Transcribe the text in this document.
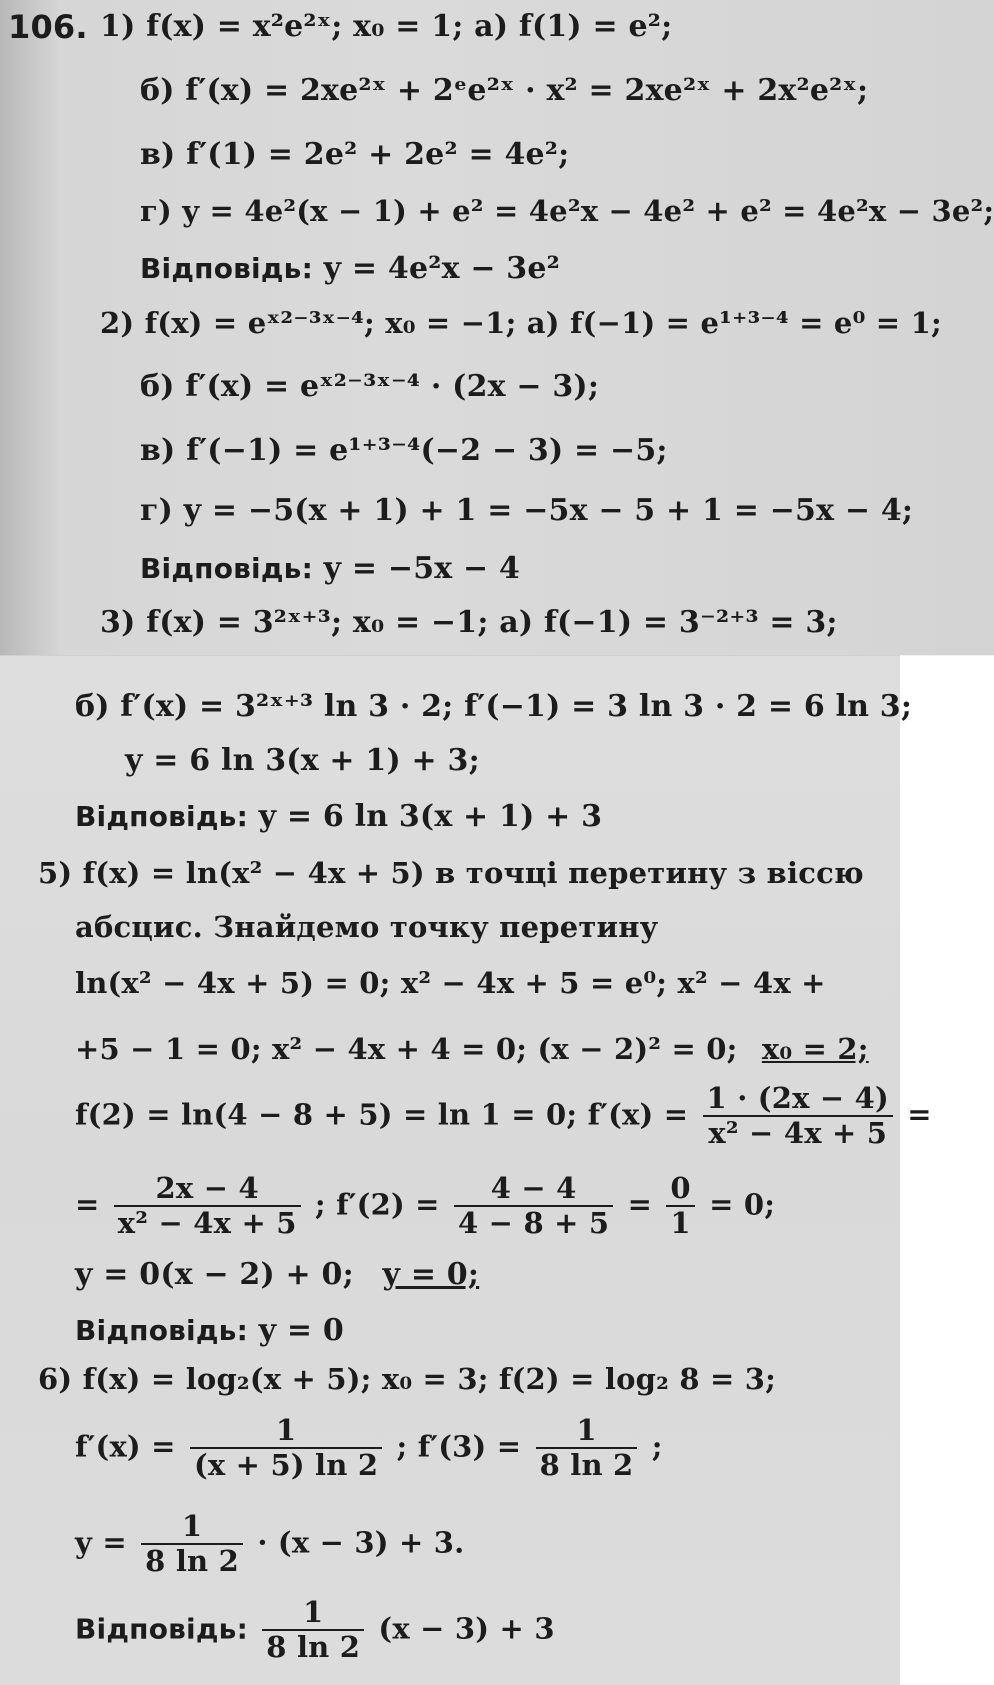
106. 1) f(x) = x²e²ˣ; x₀ = 1; а) f(1) = e²;
б) f′(x) = 2xe²ˣ + 2ᵉe²ˣ · x² = 2xe²ˣ + 2x²e²ˣ;
в) f′(1) = 2e² + 2e² = 4e²;
г) y = 4e²(x − 1) + e² = 4e²x − 4e² + e² = 4e²x − 3e²;
Відповідь: y = 4e²x − 3e²
2) f(x) = eˣ²⁻³ˣ⁻⁴; x₀ = −1; а) f(−1) = e¹⁺³⁻⁴ = e⁰ = 1;
б) f′(x) = eˣ²⁻³ˣ⁻⁴ · (2x − 3);
в) f′(−1) = e¹⁺³⁻⁴(−2 − 3) = −5;
г) y = −5(x + 1) + 1 = −5x − 5 + 1 = −5x − 4;
Відповідь: y = −5x − 4
3) f(x) = 3²ˣ⁺³; x₀ = −1; а) f(−1) = 3⁻²⁺³ = 3;
б) f′(x) = 3²ˣ⁺³ ln 3 · 2; f′(−1) = 3 ln 3 · 2 = 6 ln 3;
y = 6 ln 3(x + 1) + 3;
Відповідь: y = 6 ln 3(x + 1) + 3
5) f(x) = ln(x² − 4x + 5) в точці перетину з віссю
абсцис. Знайдемо точку перетину
ln(x² − 4x + 5) = 0; x² − 4x + 5 = e⁰; x² − 4x +
+5 − 1 = 0; x² − 4x + 4 = 0; (x − 2)² = 0; x₀ = 2;
f(2) = ln(4 − 8 + 5) = ln 1 = 0; $f'(x) = \frac{1 \cdot (2x - 4)}{\text{x² − 4x + 5}}$ =
= $\frac{2x - 4}{\text{x² − 4x + 5}}$ ; $f'(2) = \frac{4 - 4}{4 - 8 + 5} = \frac{0}{1} = 0$;
y = 0(x − 2) + 0; y = 0;
Відповідь: y = 0
6) f(x) = log₂(x + 5); x₀ = 3; f(2) = log₂ 8 = 3;
$f'(x) = \frac{1}{(x + 5) \ln 2}$ ; $f'(3) = \frac{1}{8 \ln 2}$ ;
$y = \frac{1}{8 \ln 2} \cdot (x - 3) + 3$.
Відповідь: $\frac{1}{8 \ln 2} (x - 3) + 3$
